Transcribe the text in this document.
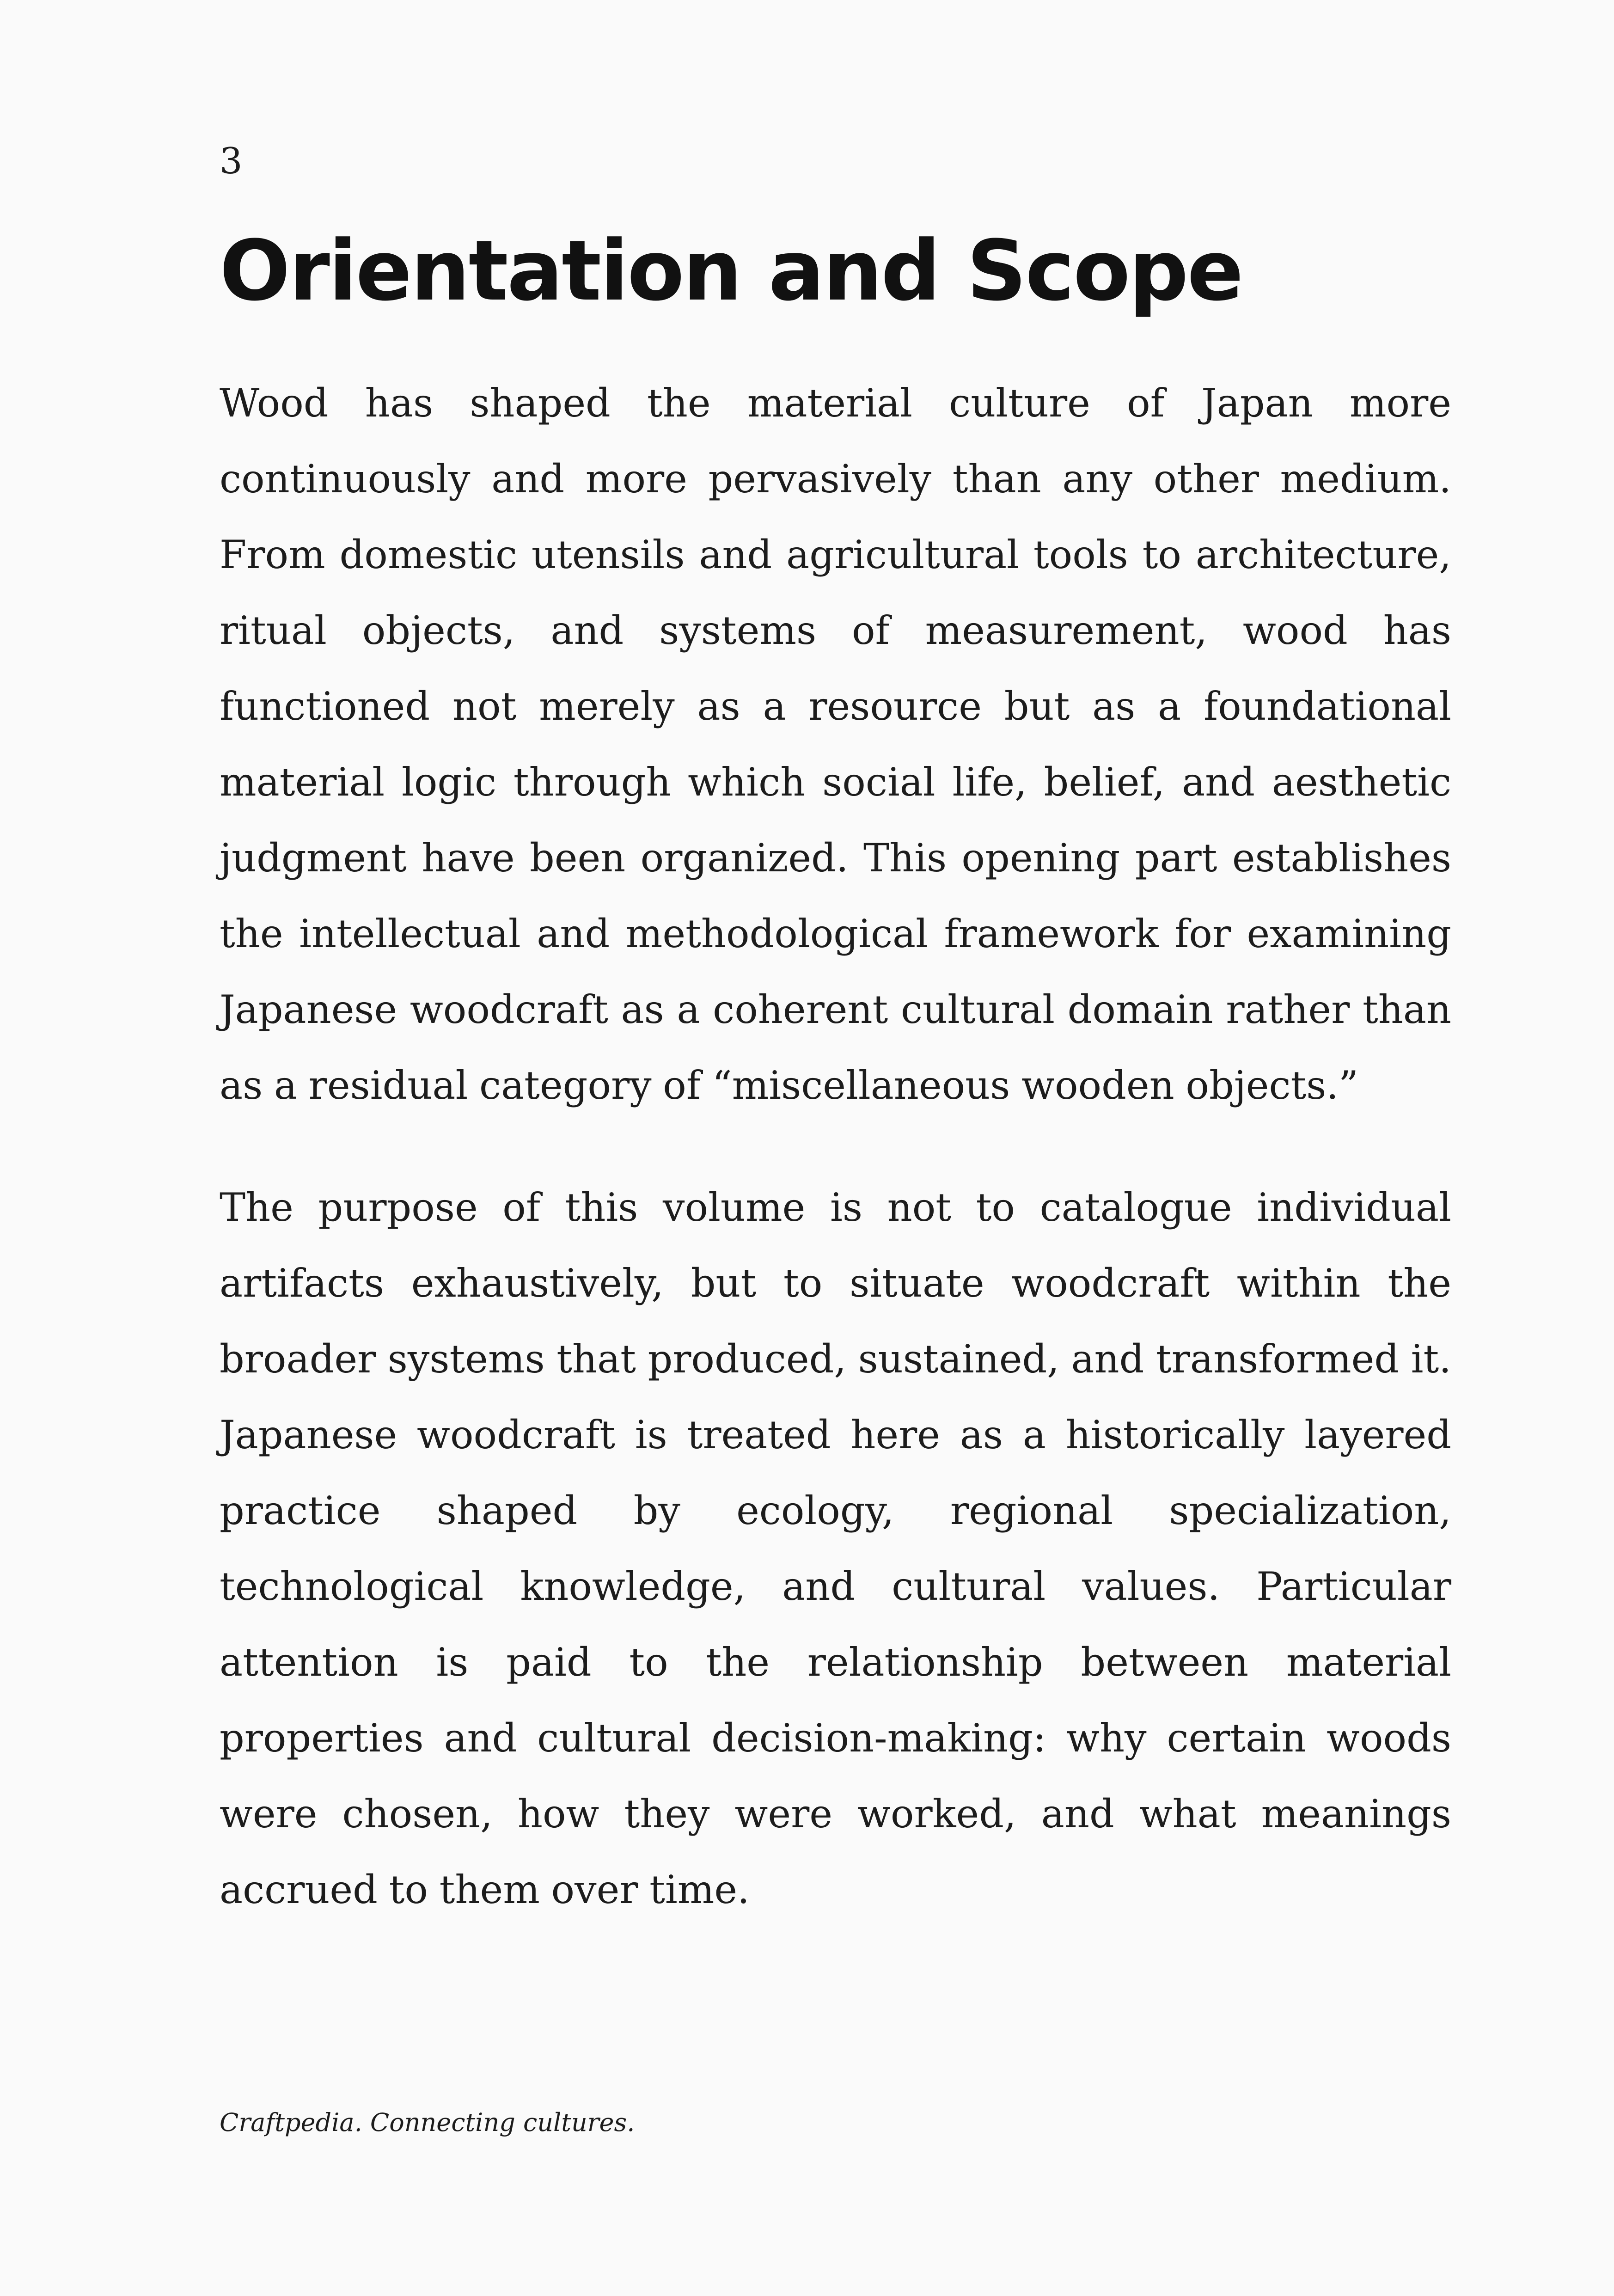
3
Orientation and Scope

Wood has shaped the material culture of Japan more continuously and more pervasively than any other medium. From domestic utensils and agricultural tools to architecture, ritual objects, and systems of measurement, wood has functioned not merely as a resource but as a foundational material logic through which social life, belief, and aesthetic judgment have been organized. This opening part establishes the intellectual and methodological framework for examining Japanese woodcraft as a coherent cultural domain rather than as a residual category of “miscellaneous wooden objects.”

The purpose of this volume is not to catalogue individual artifacts exhaustively, but to situate woodcraft within the broader systems that produced, sustained, and transformed it. Japanese woodcraft is treated here as a historically layered practice shaped by ecology, regional specialization, technological knowledge, and cultural values. Particular attention is paid to the relationship between material properties and cultural decision-making: why certain woods were chosen, how they were worked, and what meanings accrued to them over time.

Craftpedia. Connecting cultures.
